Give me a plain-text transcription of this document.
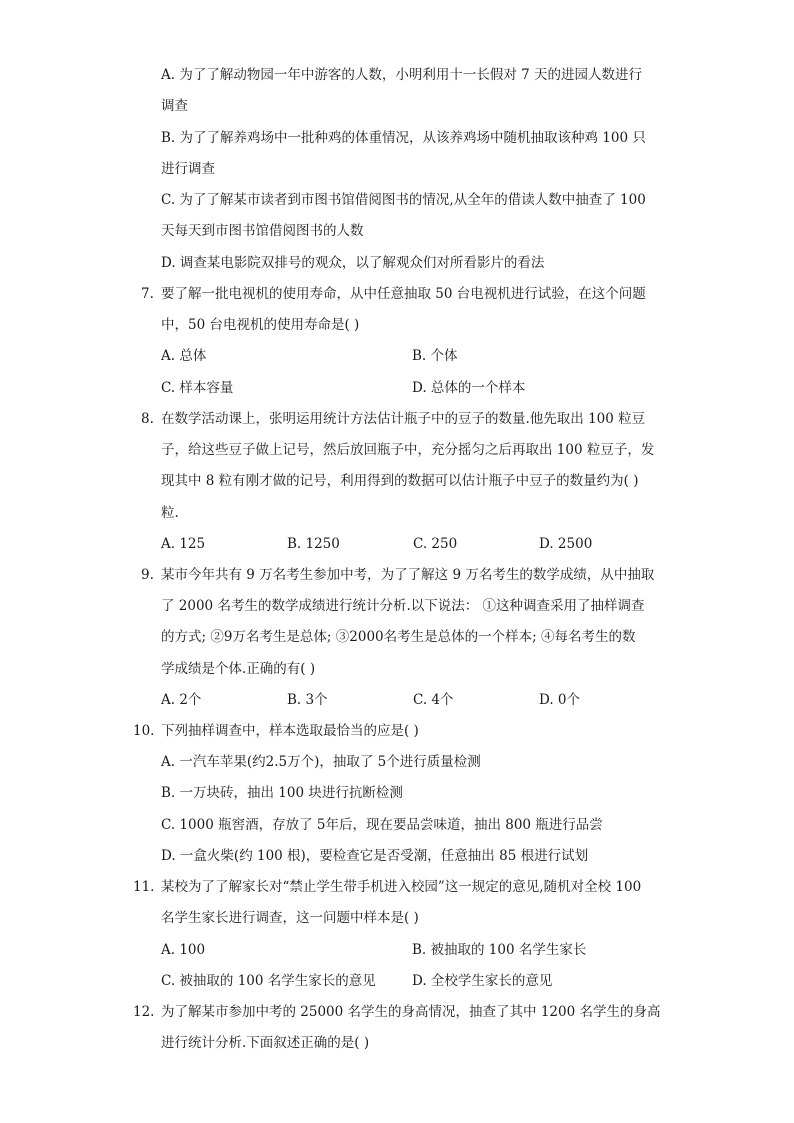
A. 为了了解动物园一年中游客的人数，小明利用十一长假对 7 天的进园人数进行
调查
B. 为了了解养鸡场中一批种鸡的体重情况，从该养鸡场中随机抽取该种鸡 100 只
进行调查
C. 为了了解某市读者到市图书馆借阅图书的情况,从全年的借读人数中抽查了 100
天每天到市图书馆借阅图书的人数
D. 调查某电影院双排号的观众，以了解观众们对所看影片的看法
7. 要了解一批电视机的使用寿命，从中任意抽取 50 台电视机进行试验，在这个问题
中，50 台电视机的使用寿命是( )
A. 总体	B. 个体
C. 样本容量	D. 总体的一个样本
8. 在数学活动课上，张明运用统计方法估计瓶子中的豆子的数量.他先取出 100 粒豆
子，给这些豆子做上记号，然后放回瓶子中，充分摇匀之后再取出 100 粒豆子，发
现其中 8 粒有刚才做的记号，利用得到的数据可以估计瓶子中豆子的数量约为( )
粒.
A. 125	B. 1250	C. 250	D. 2500
9. 某市今年共有 9 万名考生参加中考，为了了解这 9 万名考生的数学成绩，从中抽取
了 2000 名考生的数学成绩进行统计分析.以下说法： ①这种调查采用了抽样调查
的方式; ②9万名考生是总体; ③2000名考生是总体的一个样本; ④每名考生的数
学成绩是个体.正确的有( )
A. 2个	B. 3个	C. 4个	D. 0个
10. 下列抽样调查中，样本选取最恰当的应是( )
A. 一汽车苹果(约2.5万个)，抽取了 5个进行质量检测
B. 一万块砖，抽出 100 块进行抗断检测
C. 1000 瓶窖酒，存放了 5年后，现在要品尝味道，抽出 800 瓶进行品尝
D. 一盒火柴(约 100 根)，要检查它是否受潮，任意抽出 85 根进行试划
11. 某校为了了解家长对“禁止学生带手机进入校园”这一规定的意见,随机对全校 100
名学生家长进行调查，这一问题中样本是( )
A. 100	B. 被抽取的 100 名学生家长
C. 被抽取的 100 名学生家长的意见	D. 全校学生家长的意见
12. 为了解某市参加中考的 25000 名学生的身高情况，抽查了其中 1200 名学生的身高
进行统计分析.下面叙述正确的是( )
